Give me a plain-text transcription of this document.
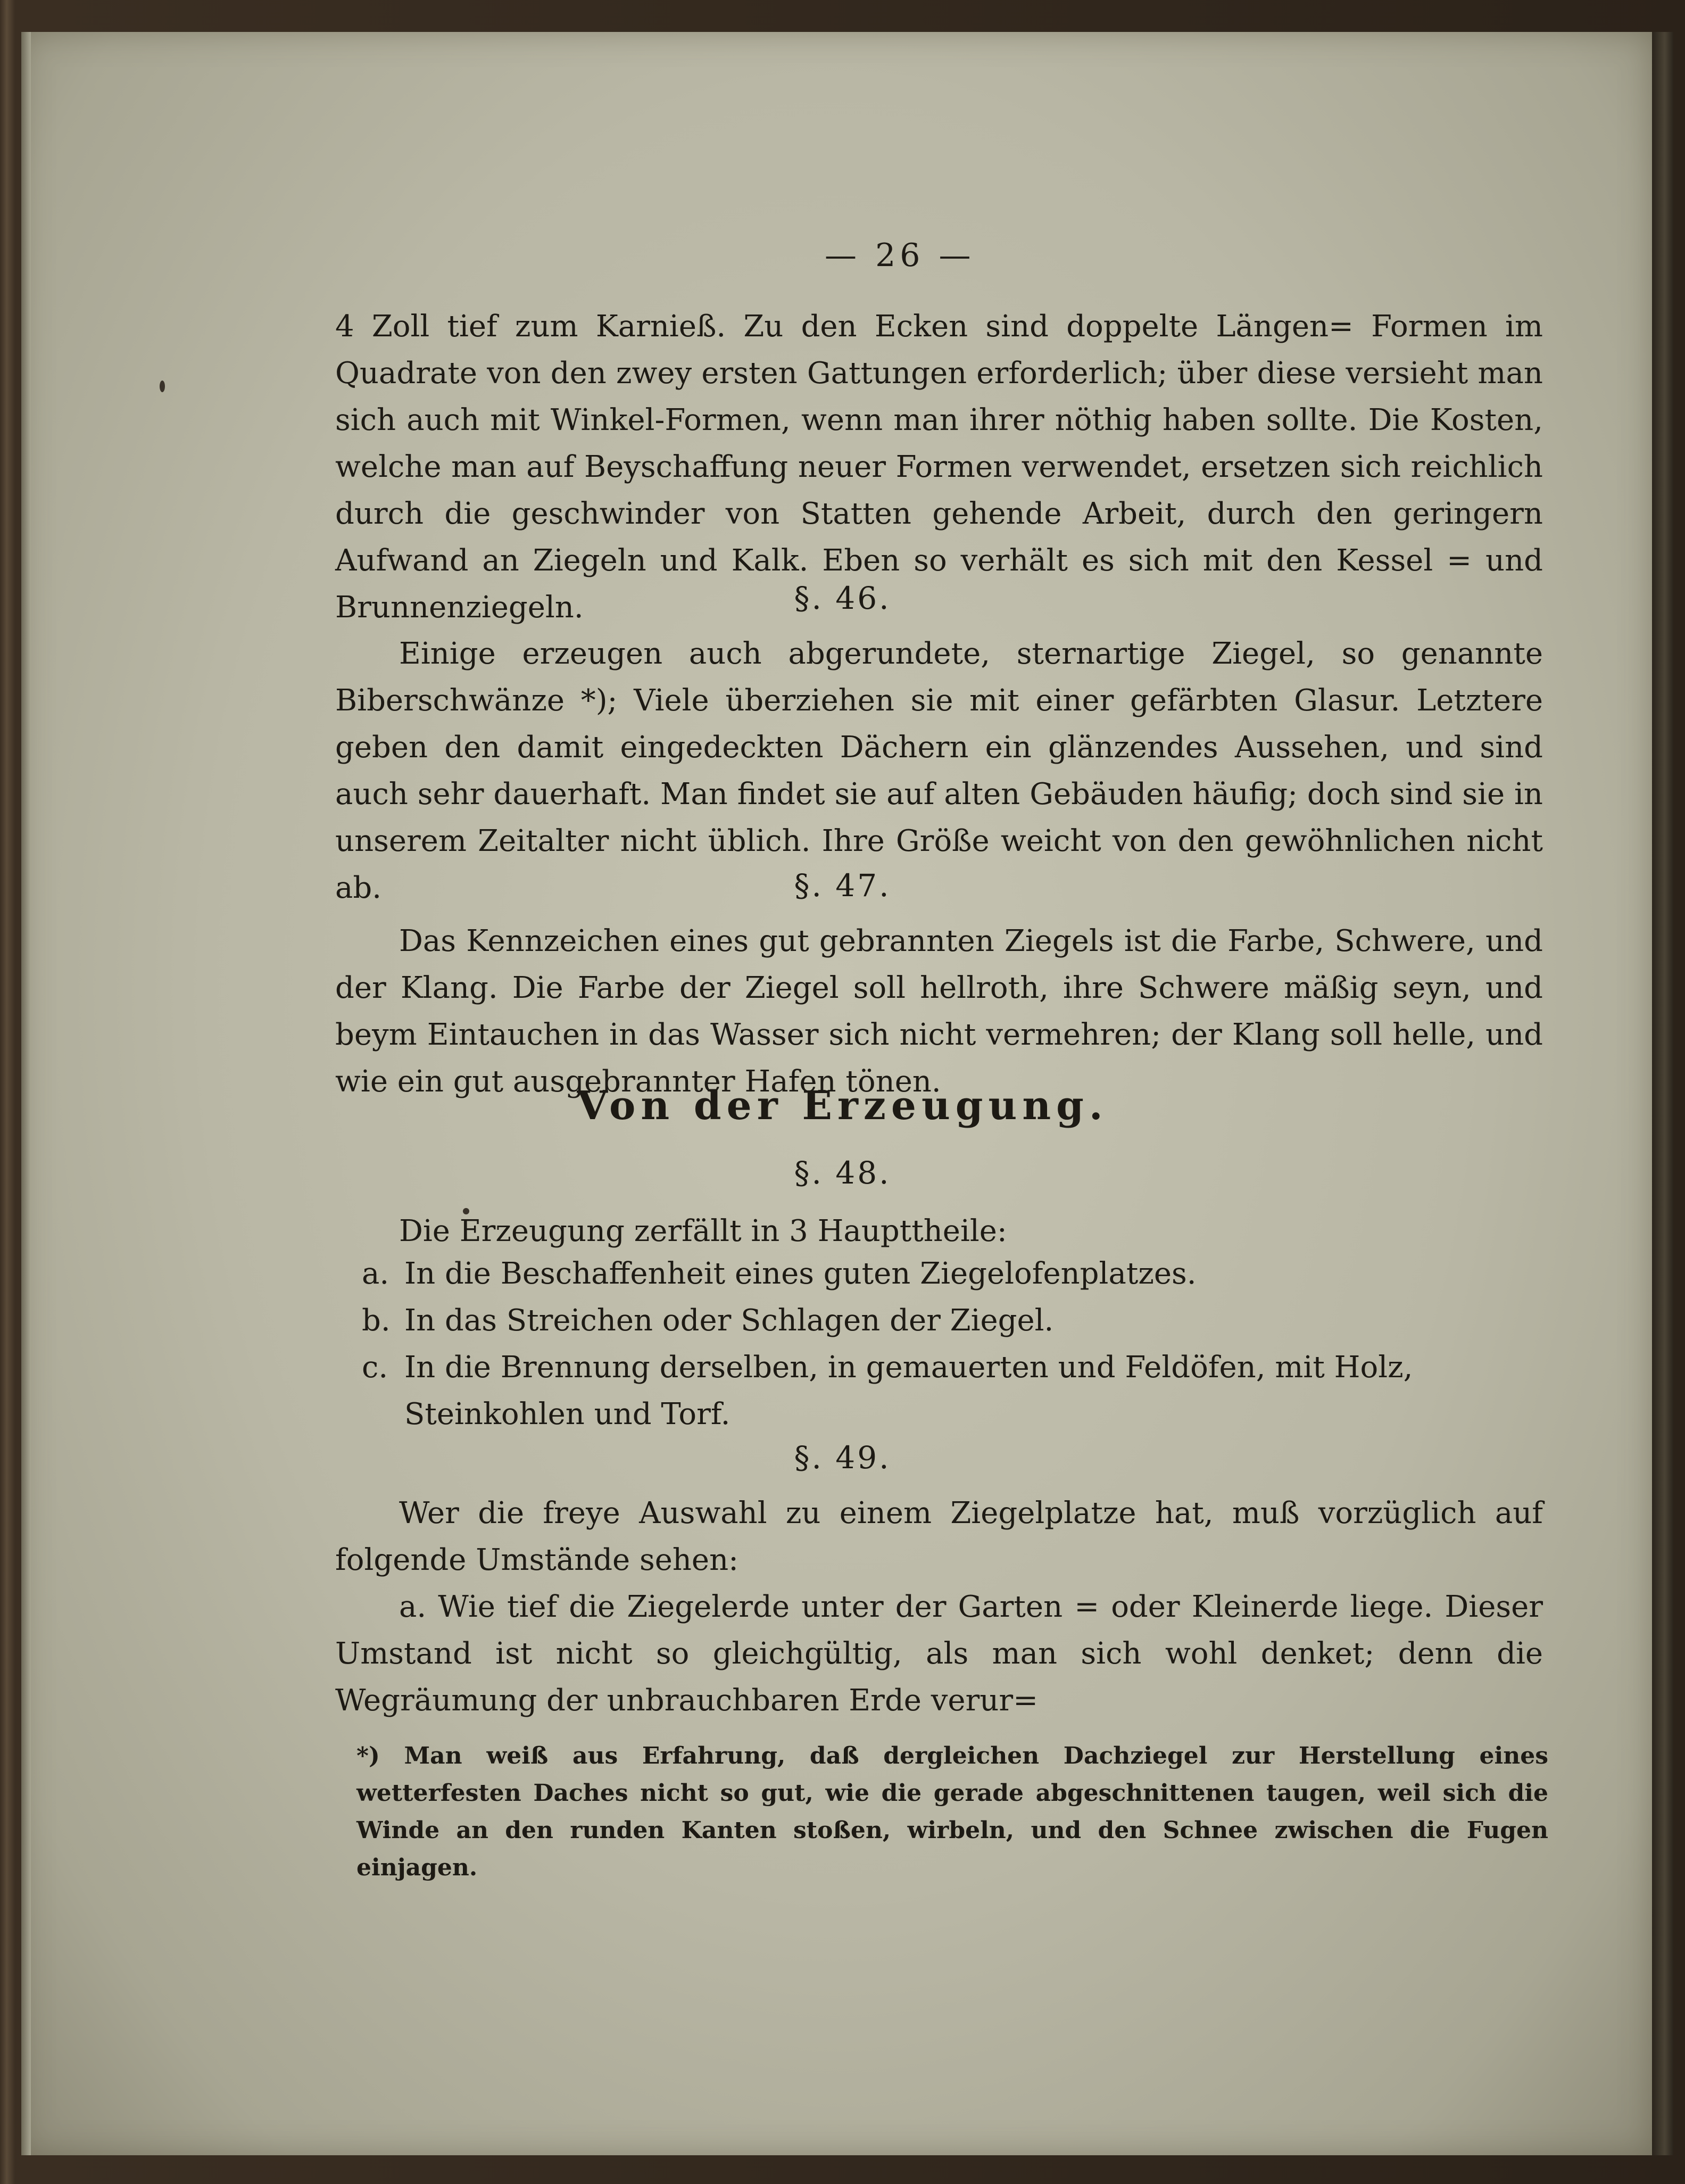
— 26 —
4 Zoll tief zum Karnieß. Zu den Ecken sind doppelte Längen= Formen im Quadrate von den zwey ersten Gattungen erforderlich; über diese versieht man sich auch mit Winkel-Formen, wenn man ihrer nöthig haben sollte. Die Kosten, welche man auf Beyschaffung neuer Formen verwendet, ersetzen sich reichlich durch die geschwinder von Statten gehende Arbeit, durch den geringern Aufwand an Ziegeln und Kalk. Eben so verhält es sich mit den Kessel = und Brunnenziegeln.	§. 46.
Einige erzeugen auch abgerundete, sternartige Ziegel, so genannte Biberschwänze *); Viele überziehen sie mit einer gefärbten Glasur. Letztere geben den damit eingedeckten Dächern ein glänzendes Aussehen, und sind auch sehr dauerhaft. Man findet sie auf alten Gebäuden häufig; doch sind sie in unserem Zeitalter nicht üblich. Ihre Größe weicht von den gewöhnlichen nicht ab.	§. 47.
Das Kennzeichen eines gut gebrannten Ziegels ist die Farbe, Schwere, und der Klang. Die Farbe der Ziegel soll hellroth, ihre Schwere mäßig seyn, und beym Eintauchen in das Wasser sich nicht vermehren; der Klang soll helle, und wie ein gut ausgebrannter Hafen tönen.
Von der Erzeugung.
§. 48.
Die Erzeugung zerfällt in 3 Haupttheile:
a. In die Beschaffenheit eines guten Ziegelofenplatzes.
b. In das Streichen oder Schlagen der Ziegel.
c. In die Brennung derselben, in gemauerten und Feldöfen, mit Holz, Steinkohlen und Torf.
§. 49.
Wer die freye Auswahl zu einem Ziegelplatze hat, muß vorzüglich auf folgende Umstände sehen:
a. Wie tief die Ziegelerde unter der Garten = oder Kleinerde liege. Dieser Umstand ist nicht so gleichgültig, als man sich wohl denket; denn die Wegräumung der unbrauchbaren Erde verur=
*) Man weiß aus Erfahrung, daß dergleichen Dachziegel zur Herstellung eines wetterfesten Daches nicht so gut, wie die gerade abgeschnittenen taugen, weil sich die Winde an den runden Kanten stoßen, wirbeln, und den Schnee zwischen die Fugen einjagen.
